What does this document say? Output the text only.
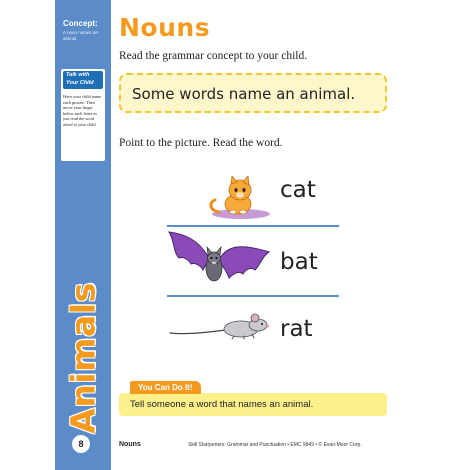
Concept:
A noun names an animal.
Talk with
Your Child
Have your child name each picture. Then move your finger below each letter as you read the word aloud to your child.
Animals
8
Nouns
Read the grammar concept to your child.
Some words name an animal.
Point to the picture. Read the word.
cat
bat
rat
You Can Do It!
Tell someone a word that names an animal.
Nouns	Skill Sharpeners: Grammar and Punctuation • EMC 9949 • © Evan-Moor Corp.
